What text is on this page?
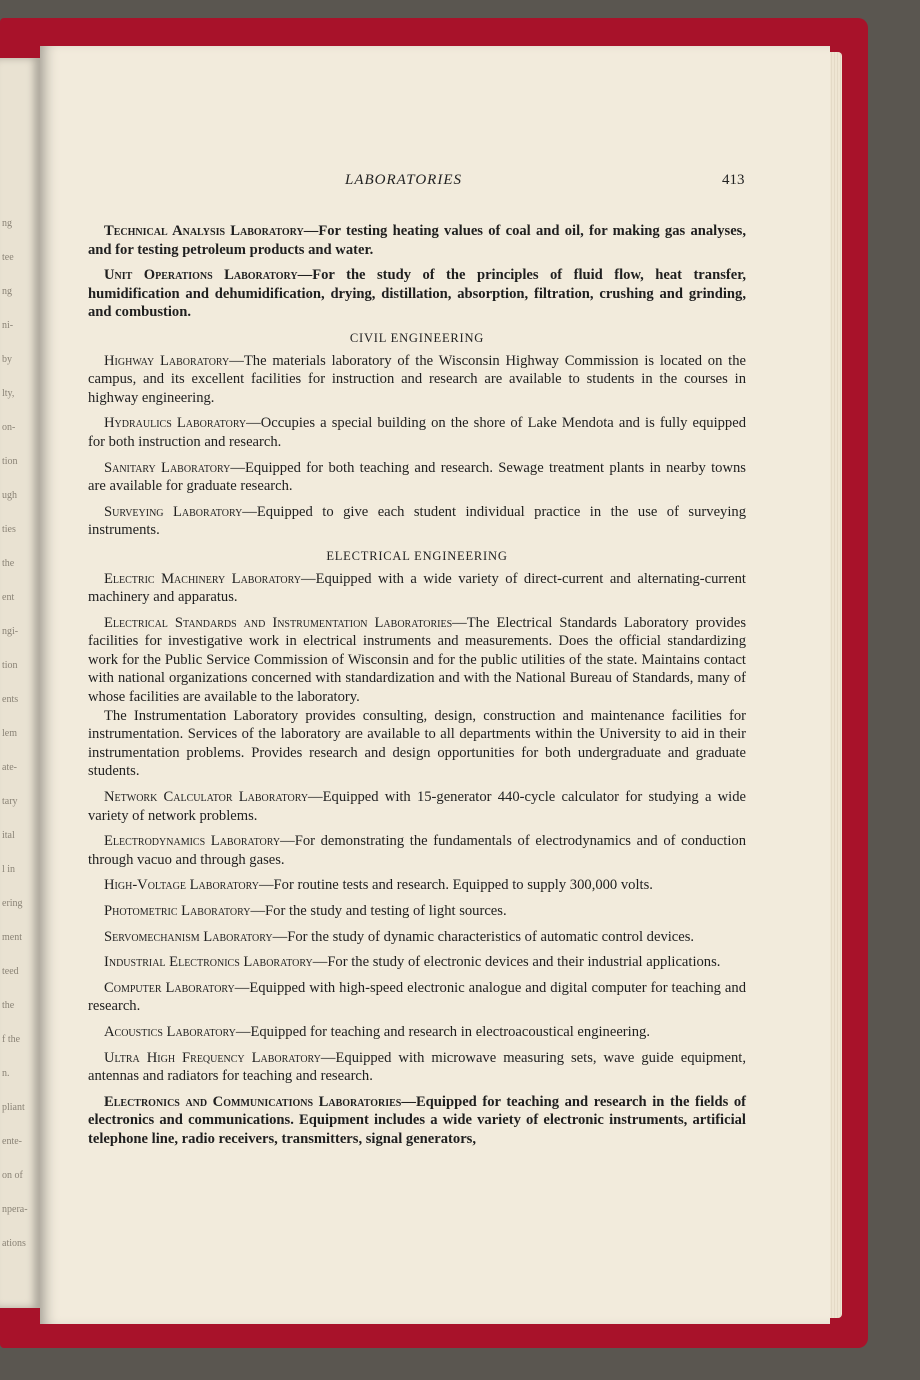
ng
tee
ng
ni-
by
lty,
on-
tion
ugh
ties
the
ent
ngi-
tion
ents
lem
ate-
tary
ital
l in
ering
ment
teed
the
f the
n.
pliant
ente-
on of
npera-
ations
LABORATORIES	413

Technical Analysis Laboratory—For testing heating values of coal and oil, for making gas analyses, and for testing petroleum products and water.

Unit Operations Laboratory—For the study of the principles of fluid flow, heat transfer, humidification and dehumidification, drying, distillation, absorption, filtration, crushing and grinding, and combustion.

CIVIL ENGINEERING

Highway Laboratory—The materials laboratory of the Wisconsin Highway Commission is located on the campus, and its excellent facilities for instruction and research are available to students in the courses in highway engineering.

Hydraulics Laboratory—Occupies a special building on the shore of Lake Mendota and is fully equipped for both instruction and research.

Sanitary Laboratory—Equipped for both teaching and research. Sewage treatment plants in nearby towns are available for graduate research.

Surveying Laboratory—Equipped to give each student individual practice in the use of surveying instruments.

ELECTRICAL ENGINEERING

Electric Machinery Laboratory—Equipped with a wide variety of direct-current and alternating-current machinery and apparatus.

Electrical Standards and Instrumentation Laboratories—The Electrical Standards Laboratory provides facilities for investigative work in electrical instruments and measurements. Does the official standardizing work for the Public Service Commission of Wisconsin and for the public utilities of the state. Maintains contact with national organizations concerned with standardization and with the National Bureau of Standards, many of whose facilities are available to the laboratory.

The Instrumentation Laboratory provides consulting, design, construction and maintenance facilities for instrumentation. Services of the laboratory are available to all departments within the University to aid in their instrumentation problems. Provides research and design opportunities for both undergraduate and graduate students.

Network Calculator Laboratory—Equipped with 15-generator 440-cycle calculator for studying a wide variety of network problems.

Electrodynamics Laboratory—For demonstrating the fundamentals of electrodynamics and of conduction through vacuo and through gases.

High-Voltage Laboratory—For routine tests and research. Equipped to supply 300,000 volts.

Photometric Laboratory—For the study and testing of light sources.

Servomechanism Laboratory—For the study of dynamic characteristics of automatic control devices.

Industrial Electronics Laboratory—For the study of electronic devices and their industrial applications.

Computer Laboratory—Equipped with high-speed electronic analogue and digital computer for teaching and research.

Acoustics Laboratory—Equipped for teaching and research in electroacoustical engineering.

Ultra High Frequency Laboratory—Equipped with microwave measuring sets, wave guide equipment, antennas and radiators for teaching and research.

Electronics and Communications Laboratories—Equipped for teaching and research in the fields of electronics and communications. Equipment includes a wide variety of electronic instruments, artificial telephone line, radio receivers, transmitters, signal generators,
